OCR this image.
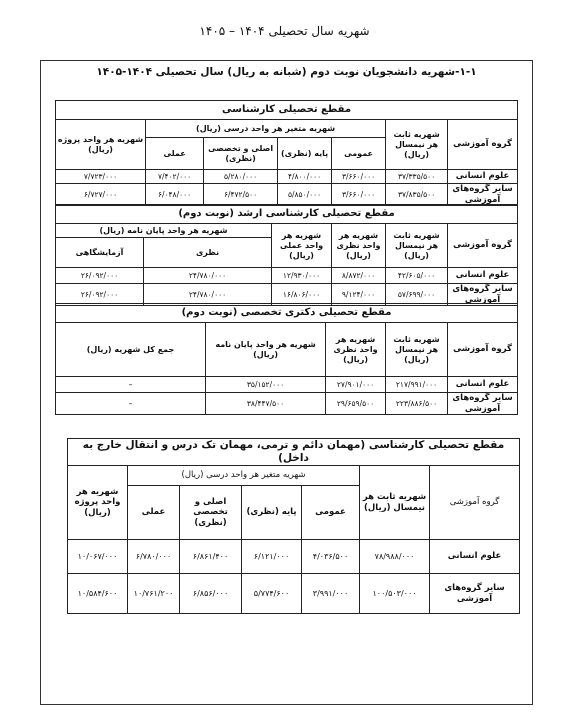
شهریه سال تحصیلی ۱۴۰۴ – ۱۴۰۵
۱-۱-شهریه دانشجویان نوبت دوم (شبانه به ریال) سال تحصیلی ۱۴۰۴-۱۴۰۵
مقطع تحصیلی کارشناسی						
گروه آموزشی	شهریه ثابت هر نیمسال (ریال)	شهریه متغیر هر واحد درسی (ریال)				شهریه هر واحد پروژه (ریال)
		عمومی	پایه (نظری)	اصلی و تخصصی (نظری)	عملی	
علوم انسانی	۳۷/۳۳۵/۵۰۰	۳/۶۶۰/۰۰۰	۴/۸۰۰/۰۰۰	۵/۲۸۰/۰۰۰	۷/۴۰۲/۰۰۰	۷/۷۲۳/۰۰۰
سایر گروه‌های آموزشی	۳۷/۸۳۵/۵۰۰	۳/۶۶۰/۰۰۰	۵/۸۵۰/۰۰۰	۶/۴۷۲/۵۰۰	۶/۰۴۸/۰۰۰	۶/۷۲۷/۰۰۰
مقطع تحصیلی کارشناسی ارشد (نوبت دوم)					
گروه آموزشی	شهریه ثابت هر نیمسال (ریال)	شهریه هر واحد نظری (ریال)	شهریه هر واحد عملی (ریال)	شهریه هر واحد پایان نامه (ریال)	
				نظری	آزمایشگاهی
علوم انسانی	۴۲/۶۰۵/۰۰۰	۸/۸۷۲/۰۰۰	۱۲/۹۳۰/۰۰۰	۲۴/۷۸۰/۰۰۰	۲۶/۰۹۲/۰۰۰
سایر گروه‌های آموزشی	۵۷/۶۹۹/۰۰۰	۹/۱۲۴/۰۰۰	۱۶/۸۰۶/۰۰۰	۲۴/۷۸۰/۰۰۰	۲۶/۰۹۲/۰۰۰
مقطع تحصیلی دکتری تخصصی (نوبت دوم)				
گروه آموزشی	شهریه ثابت هر نیمسال (ریال)	شهریه هر واحد نظری (ریال)	شهریه هر واحد پایان نامه (ریال)	جمع کل شهریه (ریال)
علوم انسانی	۲۱۷/۹۹۱/۰۰۰	۲۷/۹۰۱/۰۰۰	۳۵/۱۵۲/۰۰۰	–
سایر گروه‌های آموزشی	۲۲۳/۸۸۶/۵۰۰	۲۹/۶۵۹/۵۰۰	۳۸/۴۴۷/۵۰۰	–
مقطع تحصیلی کارشناسی (مهمان دائم و ترمی، مهمان تک درس و انتقال خارج به داخل)						
گروه آموزشی	شهریه ثابت هر نیمسال (ریال)	شهریه متغیر هر واحد درسی (ریال)				شهریه هر واحد پروژه (ریال)
		عمومی	پایه (نظری)	اصلی و تخصصی (نظری)	عملی	
علوم انسانی	۷۸/۹۸۸/۰۰۰	۴/۰۳۶/۵۰۰	۶/۱۲۱/۰۰۰	۶/۸۶۱/۴۰۰	۶/۷۸۰/۰۰۰	۱۰/۰۶۷/۰۰۰
سایر گروه‌های آموزشی	۱۰۰/۵۰۳/۰۰۰	۳/۹۹۱/۰۰۰	۵/۷۷۴/۶۰۰	۶/۸۵۶/۰۰۰	۱۰/۷۶۱/۲۰۰	۱۰/۵۸۴/۶۰۰
